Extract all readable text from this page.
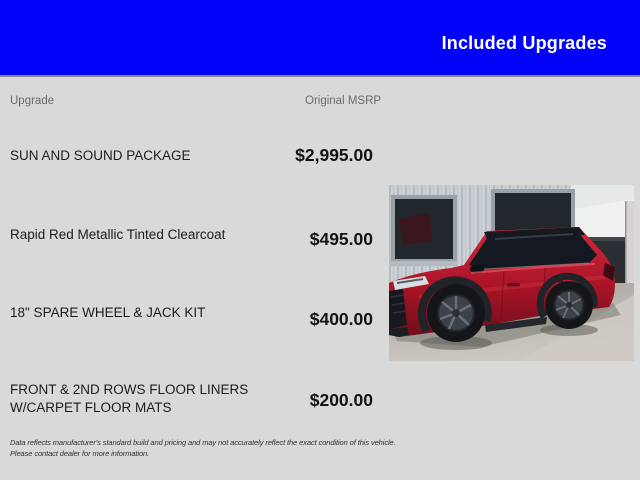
Included Upgrades
Upgrade	Original MSRP
SUN AND SOUND PACKAGE	$2,995.00
Rapid Red Metallic Tinted Clearcoat	$495.00
18" SPARE WHEEL & JACK KIT	$400.00
FRONT & 2ND ROWS FLOOR LINERS W/CARPET FLOOR MATS	$200.00
Data reflects manufacturer's standard build and pricing and may not accurately reflect the exact condition of this vehicle.
Please contact dealer for more information.
